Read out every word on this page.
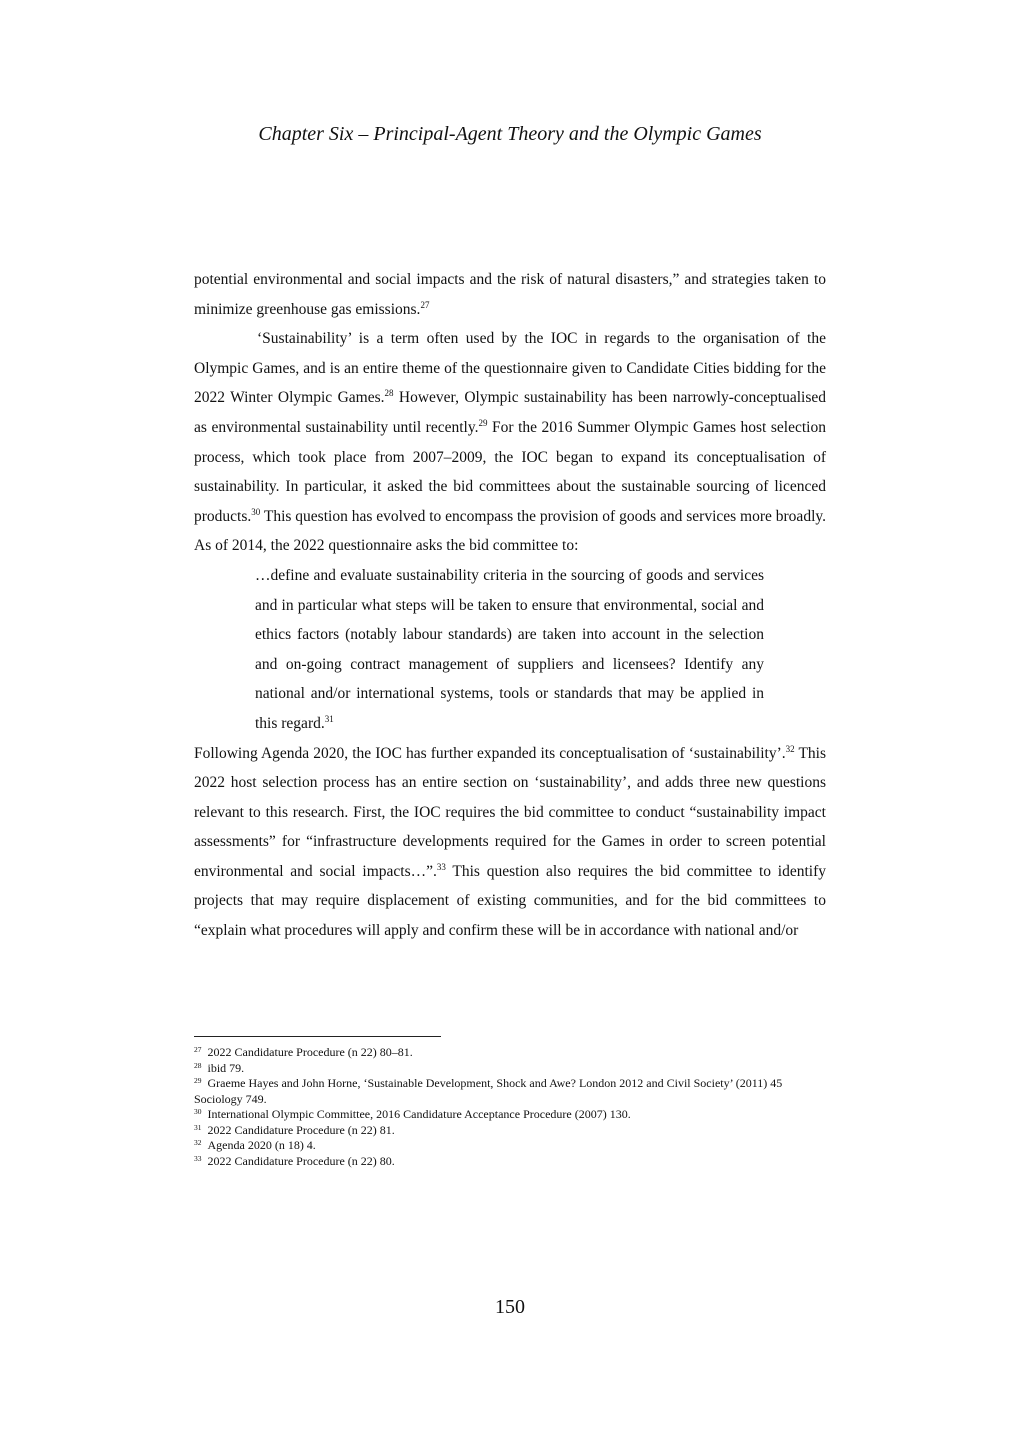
Chapter Six – Principal-Agent Theory and the Olympic Games

potential environmental and social impacts and the risk of natural disasters,” and strategies taken to minimize greenhouse gas emissions.$^{27}$

‘Sustainability’ is a term often used by the IOC in regards to the organisation of the Olympic Games, and is an entire theme of the questionnaire given to Candidate Cities bidding for the 2022 Winter Olympic Games.$^{28}$ However, Olympic sustainability has been narrowly-conceptualised as environmental sustainability until recently.$^{29}$ For the 2016 Summer Olympic Games host selection process, which took place from 2007–2009, the IOC began to expand its conceptualisation of sustainability. In particular, it asked the bid committees about the sustainable sourcing of licenced products.$^{30}$ This question has evolved to encompass the provision of goods and services more broadly. As of 2014, the 2022 questionnaire asks the bid committee to:

…define and evaluate sustainability criteria in the sourcing of goods and services and in particular what steps will be taken to ensure that environmental, social and ethics factors (notably labour standards) are taken into account in the selection and on-going contract management of suppliers and licensees? Identify any national and/or international systems, tools or standards that may be applied in this regard.$^{31}$

Following Agenda 2020, the IOC has further expanded its conceptualisation of ‘sustainability’.$^{32}$ This 2022 host selection process has an entire section on ‘sustainability’, and adds three new questions relevant to this research. First, the IOC requires the bid committee to conduct “sustainability impact assessments” for “infrastructure developments required for the Games in order to screen potential environmental and social impacts…”.$^{33}$ This question also requires the bid committee to identify projects that may require displacement of existing communities, and for the bid committees to “explain what procedures will apply and confirm these will be in accordance with national and/or

$^{27}$ 2022 Candidature Procedure (n 22) 80–81.

$^{28}$ ibid 79.

$^{29}$ Graeme Hayes and John Horne, ‘Sustainable Development, Shock and Awe? London 2012 and Civil Society’ (2011) 45 Sociology 749.

$^{30}$ International Olympic Committee, 2016 Candidature Acceptance Procedure (2007) 130.

$^{31}$ 2022 Candidature Procedure (n 22) 81.

$^{32}$ Agenda 2020 (n 18) 4.

$^{33}$ 2022 Candidature Procedure (n 22) 80.

150
